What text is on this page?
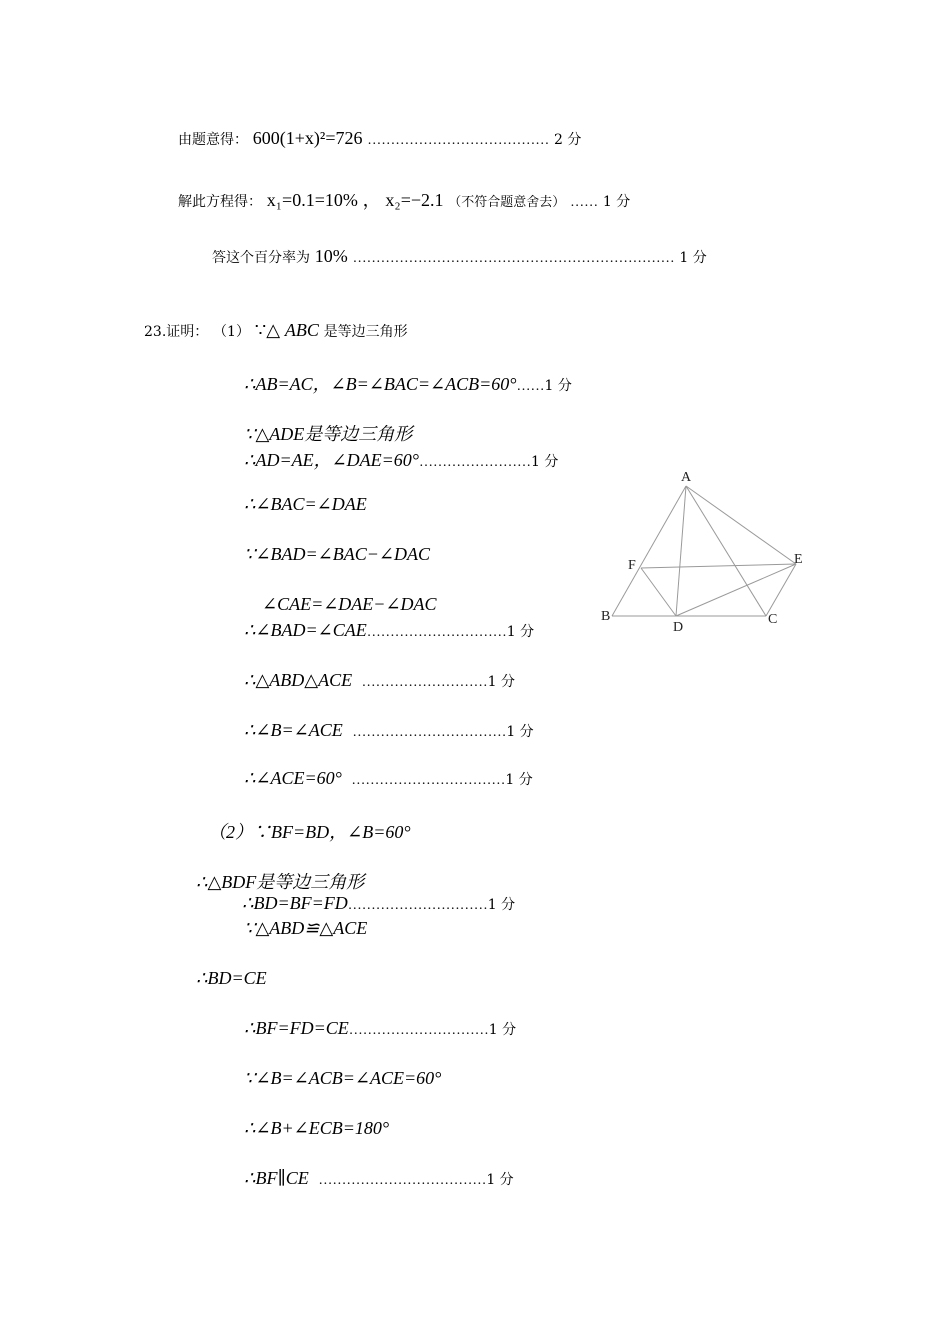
由题意得： 600(1+x)²=726 ………………………………… 2 分
解此方程得： x₁=0.1=10% ， x₂=−2.1 （不符合题意舍去） …… 1 分
答这个百分率为 10% …………………………………………………………… 1 分
23.证明： （1） ∵△ ABC 是等边三角形
∴AB=AC，∠B=∠BAC=∠ACB=60°……1 分
∵△ADE是等边三角形
∴AD=AE，∠DAE=60°……………………1 分
∴∠BAC=∠DAE
∵∠BAD=∠BAC−∠DAC
∠CAE=∠DAE−∠DAC
∴∠BAD=∠CAE…………………………1 分
∴△ABD△ACE ………………………1 分
∴∠B=∠ACE ……………………………1 分
∴∠ACE=60° ……………………………1 分
（2）∵BF=BD，∠B=60°
∴△BDF是等边三角形
∴BD=BF=FD…………………………1 分
∵△ABD≌△ACE
∴BD=CE
∴BF=FD=CE…………………………1 分
∵∠B=∠ACB=∠ACE=60°
∴∠B+∠ECB=180°
∴BF∥CE ………………………………1 分
A
B	C
D
E
F
